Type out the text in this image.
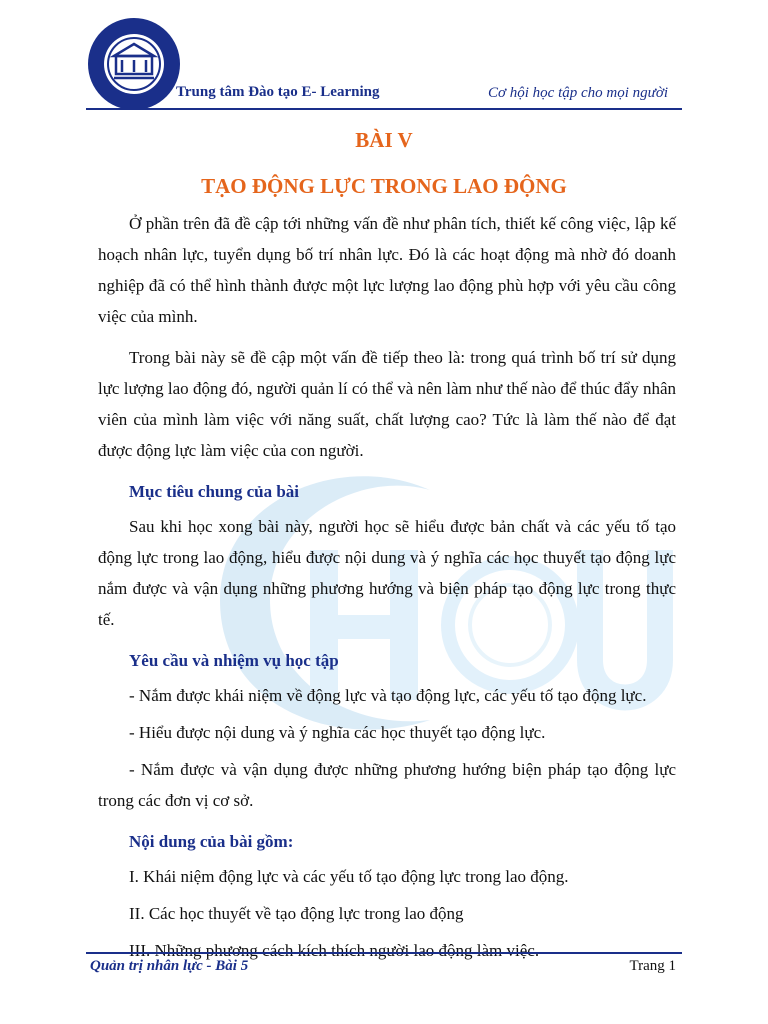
Trung tâm Đào tạo E- Learning	Cơ hội học tập cho mọi người
BÀI V
TẠO ĐỘNG LỰC TRONG LAO ĐỘNG

Ở phần trên đã đề cập tới những vấn đề như phân tích, thiết kế công việc, lập kế hoạch nhân lực, tuyển dụng bố trí nhân lực. Đó là các hoạt động mà nhờ đó doanh nghiệp đã có thể hình thành được một lực lượng lao động phù hợp với yêu cầu công việc của mình.

Trong bài này sẽ đề cập một vấn đề tiếp theo là: trong quá trình bố trí sử dụng lực lượng lao động đó, người quản lí có thể và nên làm như thế nào để thúc đẩy nhân viên của mình làm việc với năng suất, chất lượng cao? Tức là làm thế nào để đạt được động lực làm việc của con người.

Mục tiêu chung của bài

Sau khi học xong bài này, người học sẽ hiểu được bản chất và các yếu tố tạo động lực trong lao động, hiểu được nội dung và ý nghĩa các học thuyết tạo động lực nắm được và vận dụng những phương hướng và biện pháp tạo động lực trong thực tế.

Yêu cầu và nhiệm vụ học tập

- Nắm được khái niệm về động lực và tạo động lực, các yếu tố tạo động lực.

- Hiểu được nội dung và ý nghĩa các học thuyết tạo động lực.

- Nắm được và vận dụng được những phương hướng biện pháp tạo động lực trong các đơn vị cơ sở.

Nội dung của bài gồm:

I. Khái niệm động lực và các yếu tố tạo động lực trong lao động.

II. Các học thuyết về tạo động lực trong lao động

III. Những phương cách kích thích người lao động làm việc.

Quản trị nhân lực - Bài 5	Trang 1
